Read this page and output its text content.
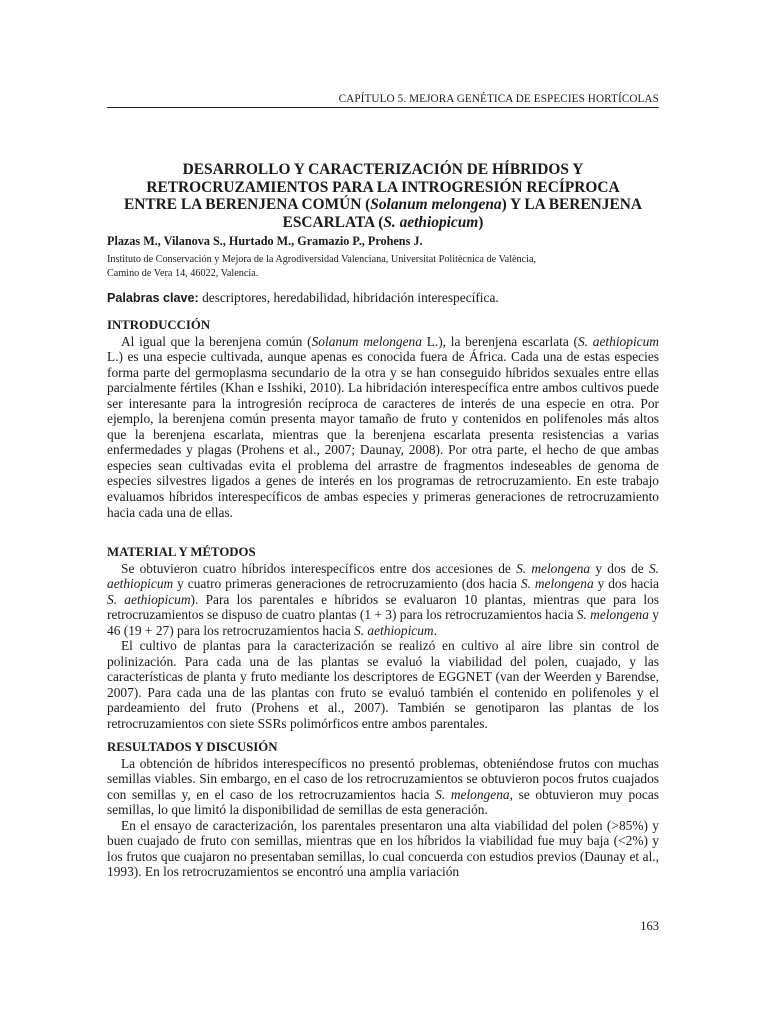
CAPÍTULO 5. MEJORA GENÉTICA DE ESPECIES HORTÍCOLAS
DESARROLLO Y CARACTERIZACIÓN DE HÍBRIDOS Y
RETROCRUZAMIENTOS PARA LA INTROGRESIÓN RECÍPROCA
ENTRE LA BERENJENA COMÚN (Solanum melongena) Y LA BERENJENA
ESCARLATA (S. aethiopicum)
Plazas M., Vilanova S., Hurtado M., Gramazio P., Prohens J.
Instituto de Conservación y Mejora de la Agrodiversidad Valenciana, Universitat Politècnica de València,
Camino de Vera 14, 46022, Valencia.
Palabras clave: descriptores, heredabilidad, hibridación interespecífica.
INTRODUCCIÓN

Al igual que la berenjena común (Solanum melongena L.), la berenjena escarlata (S. aethiopicum L.) es una especie cultivada, aunque apenas es conocida fuera de África. Cada una de estas especies forma parte del germoplasma secundario de la otra y se han conseguido híbridos sexuales entre ellas parcialmente fértiles (Khan e Isshiki, 2010). La hibridación interespecífica entre ambos cultivos puede ser interesante para la introgresión recíproca de caracteres de interés de una especie en otra. Por ejemplo, la berenjena común presenta mayor tamaño de fruto y contenidos en polifenoles más altos que la berenjena escarlata, mientras que la berenjena escarlata presenta resistencias a varias enfermedades y plagas (Prohens et al., 2007; Daunay, 2008). Por otra parte, el hecho de que ambas especies sean cultivadas evita el problema del arrastre de fragmentos indeseables de genoma de especies silvestres ligados a genes de interés en los programas de retrocruzamiento. En este trabajo evaluamos híbridos interespecíficos de ambas especies y primeras generaciones de retrocruzamiento hacia cada una de ellas.

MATERIAL Y MÉTODOS

Se obtuvieron cuatro híbridos interespecíficos entre dos accesiones de S. melongena y dos de S. aethiopicum y cuatro primeras generaciones de retrocruzamiento (dos hacia S. melongena y dos hacia S. aethiopicum). Para los parentales e híbridos se evaluaron 10 plantas, mientras que para los retrocruzamientos se dispuso de cuatro plantas (1 + 3) para los retrocruzamientos hacia S. melongena y 46 (19 + 27) para los retrocruzamientos hacia S. aethiopicum.

El cultivo de plantas para la caracterización se realizó en cultivo al aire libre sin control de polinización. Para cada una de las plantas se evaluó la viabilidad del polen, cuajado, y las características de planta y fruto mediante los descriptores de EGGNET (van der Weerden y Barendse, 2007). Para cada una de las plantas con fruto se evaluó también el contenido en polifenoles y el pardeamiento del fruto (Prohens et al., 2007). También se genotiparon las plantas de los retrocruzamientos con siete SSRs polimórficos entre ambos parentales.

RESULTADOS Y DISCUSIÓN

La obtención de híbridos interespecíficos no presentó problemas, obteniéndose frutos con muchas semillas viables. Sin embargo, en el caso de los retrocruzamientos se obtuvieron pocos frutos cuajados con semillas y, en el caso de los retrocruzamientos hacia S. melongena, se obtuvieron muy pocas semillas, lo que limitó la disponibilidad de semillas de esta generación.

En el ensayo de caracterización, los parentales presentaron una alta viabilidad del polen (>85%) y buen cuajado de fruto con semillas, mientras que en los híbridos la viabilidad fue muy baja (<2%) y los frutos que cuajaron no presentaban semillas, lo cual concuerda con estudios previos (Daunay et al., 1993). En los retrocruzamientos se encontró una amplia variación

163
